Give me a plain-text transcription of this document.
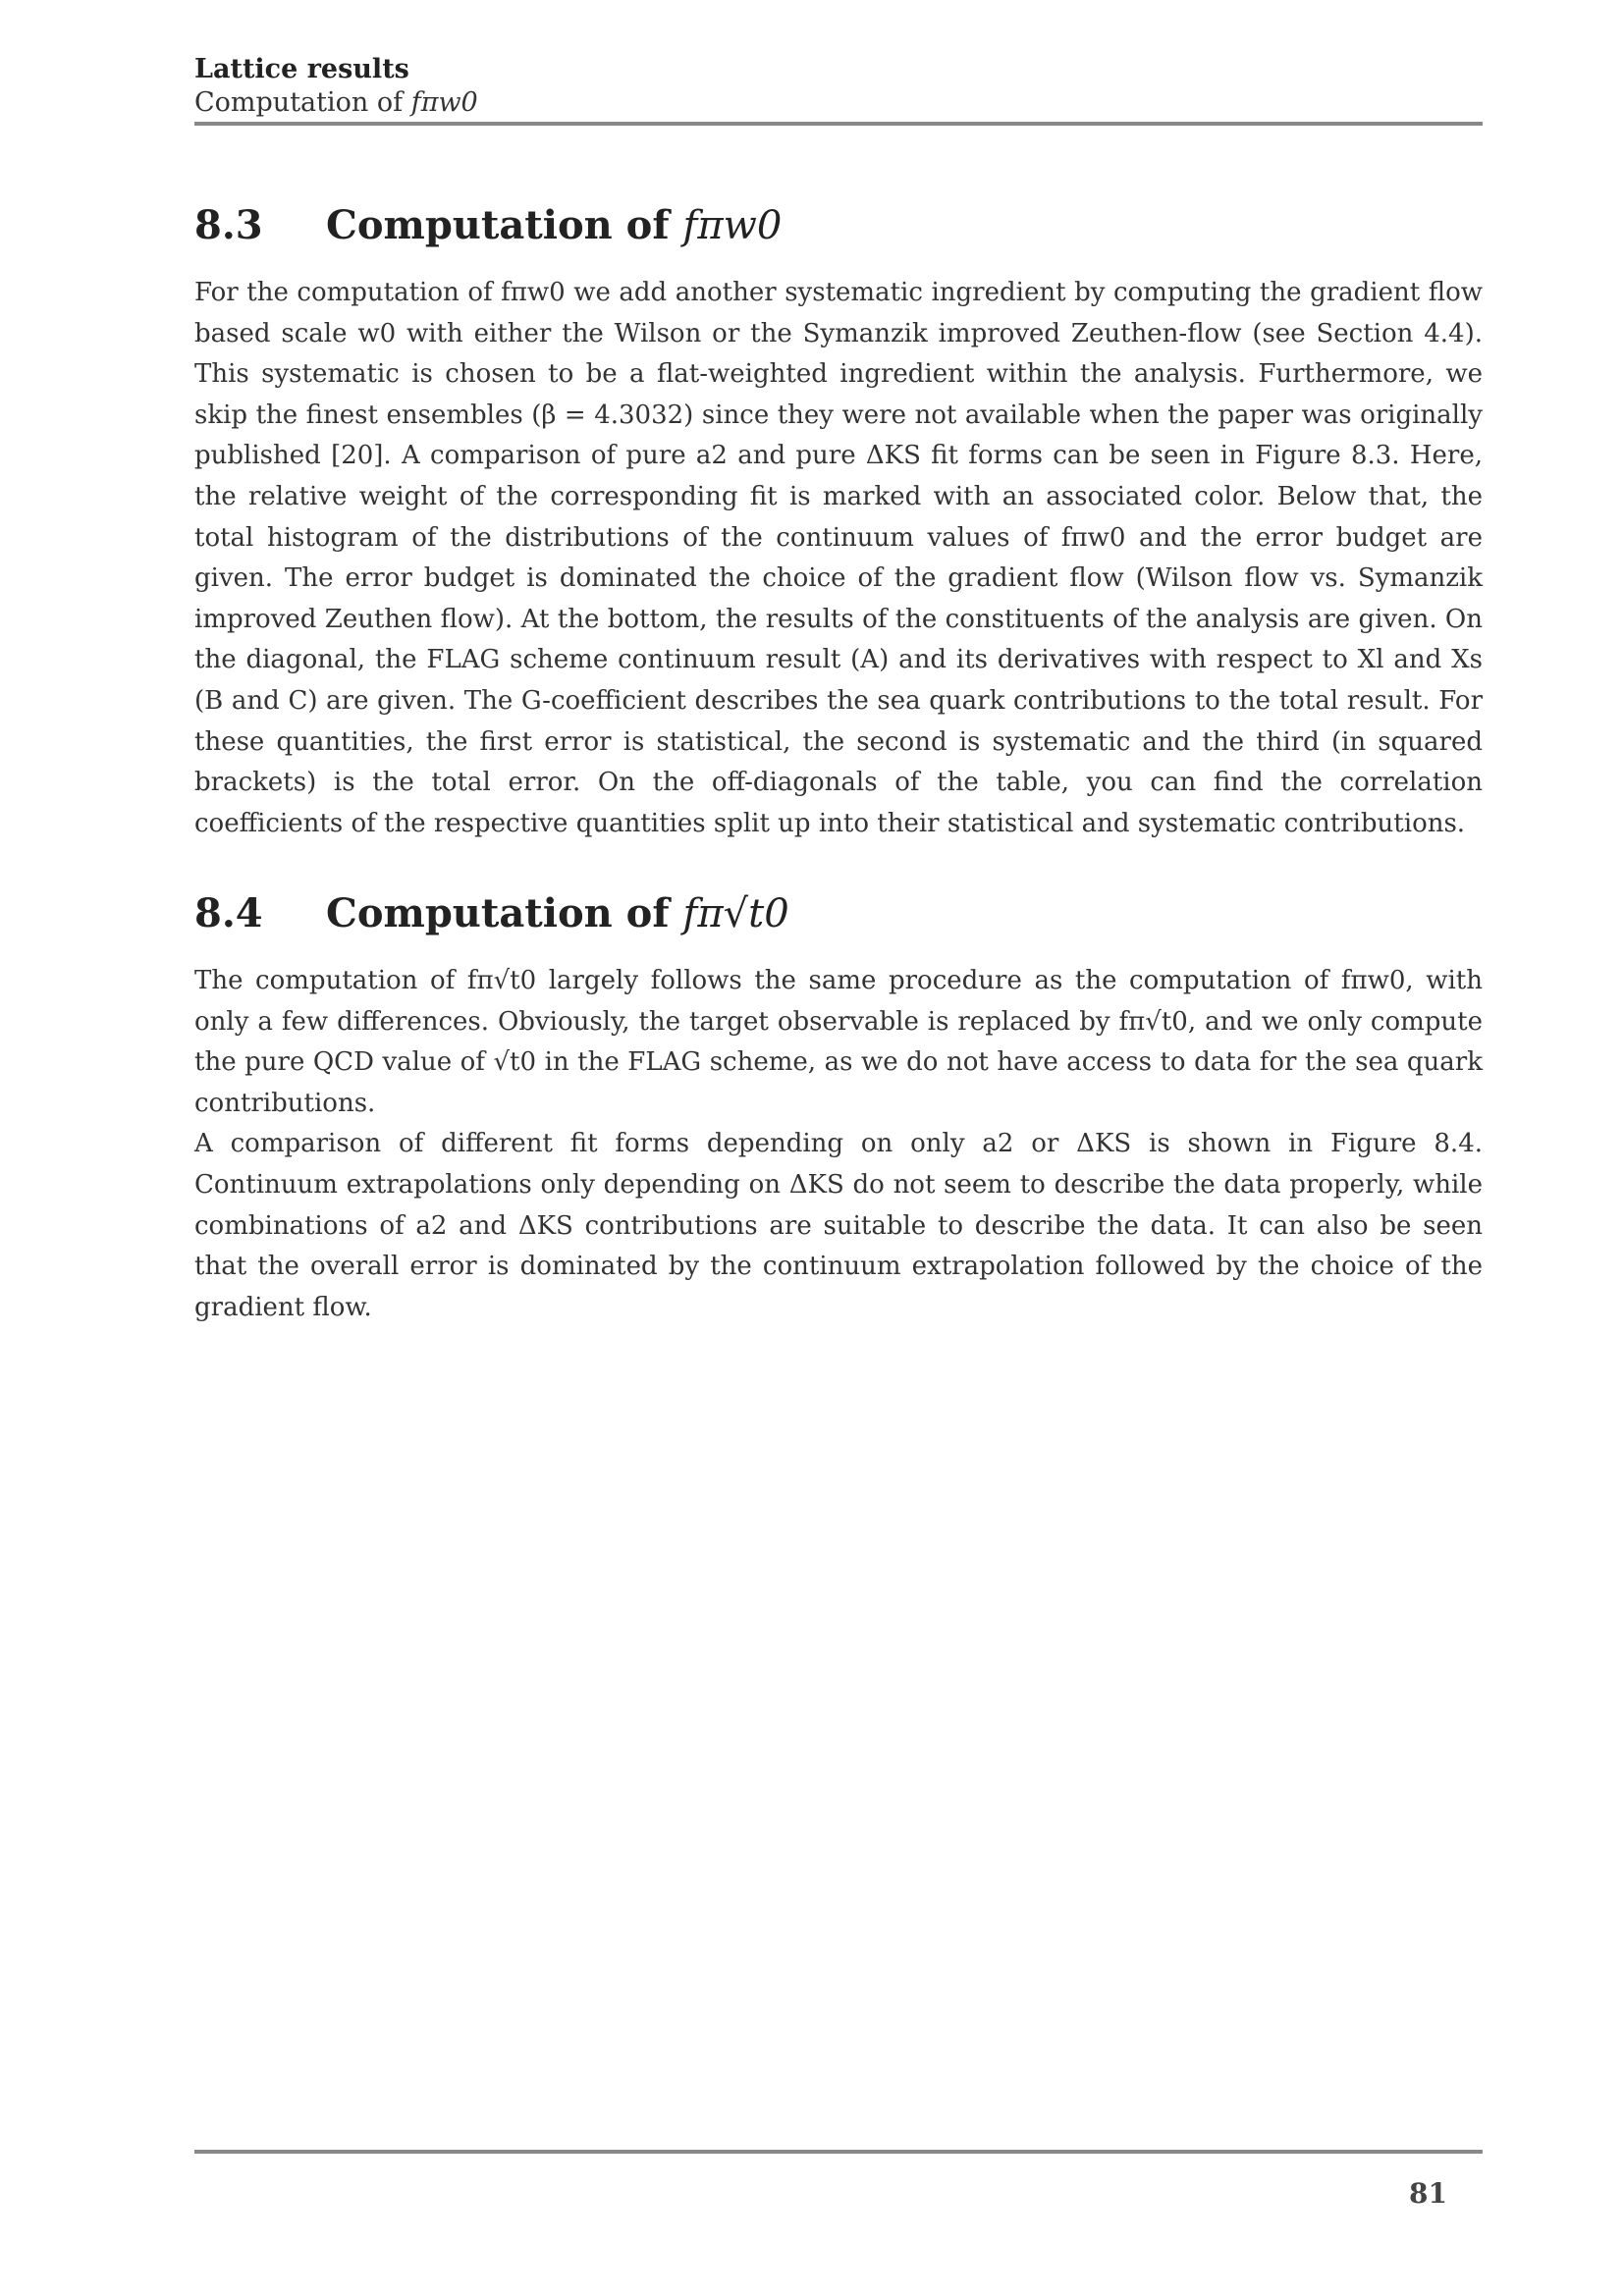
Lattice results
Computation of fπw0
8.3	Computation of fπw0

For the computation of fπw0 we add another systematic ingredient by computing the gradient flow based scale w0 with either the Wilson or the Symanzik improved Zeuthen-flow (see Section 4.4). This systematic is chosen to be a flat-weighted ingredient within the analysis. Furthermore, we skip the finest ensembles (β = 4.3032) since they were not available when the paper was originally published [20]. A comparison of pure a2 and pure ΔKS fit forms can be seen in Figure 8.3. Here, the relative weight of the corresponding fit is marked with an associated color. Below that, the total histogram of the distributions of the continuum values of fπw0 and the error budget are given. The error budget is dominated the choice of the gradient flow (Wilson flow vs. Symanzik improved Zeuthen flow). At the bottom, the results of the constituents of the analysis are given. On the diagonal, the FLAG scheme continuum result (A) and its derivatives with respect to Xl and Xs (B and C) are given. The G-coefficient describes the sea quark contributions to the total result. For these quantities, the first error is statistical, the second is systematic and the third (in squared brackets) is the total error. On the off-diagonals of the table, you can find the correlation coefficients of the respective quantities split up into their statistical and systematic contributions.

8.4	Computation of fπ√t0

The computation of fπ√t0 largely follows the same procedure as the computation of fπw0, with only a few differences. Obviously, the target observable is replaced by fπ√t0, and we only compute the pure QCD value of √t0 in the FLAG scheme, as we do not have access to data for the sea quark contributions.

A comparison of different fit forms depending on only a2 or ΔKS is shown in Figure 8.4. Continuum extrapolations only depending on ΔKS do not seem to describe the data properly, while combinations of a2 and ΔKS contributions are suitable to describe the data. It can also be seen that the overall error is dominated by the continuum extrapolation followed by the choice of the gradient flow.

81
